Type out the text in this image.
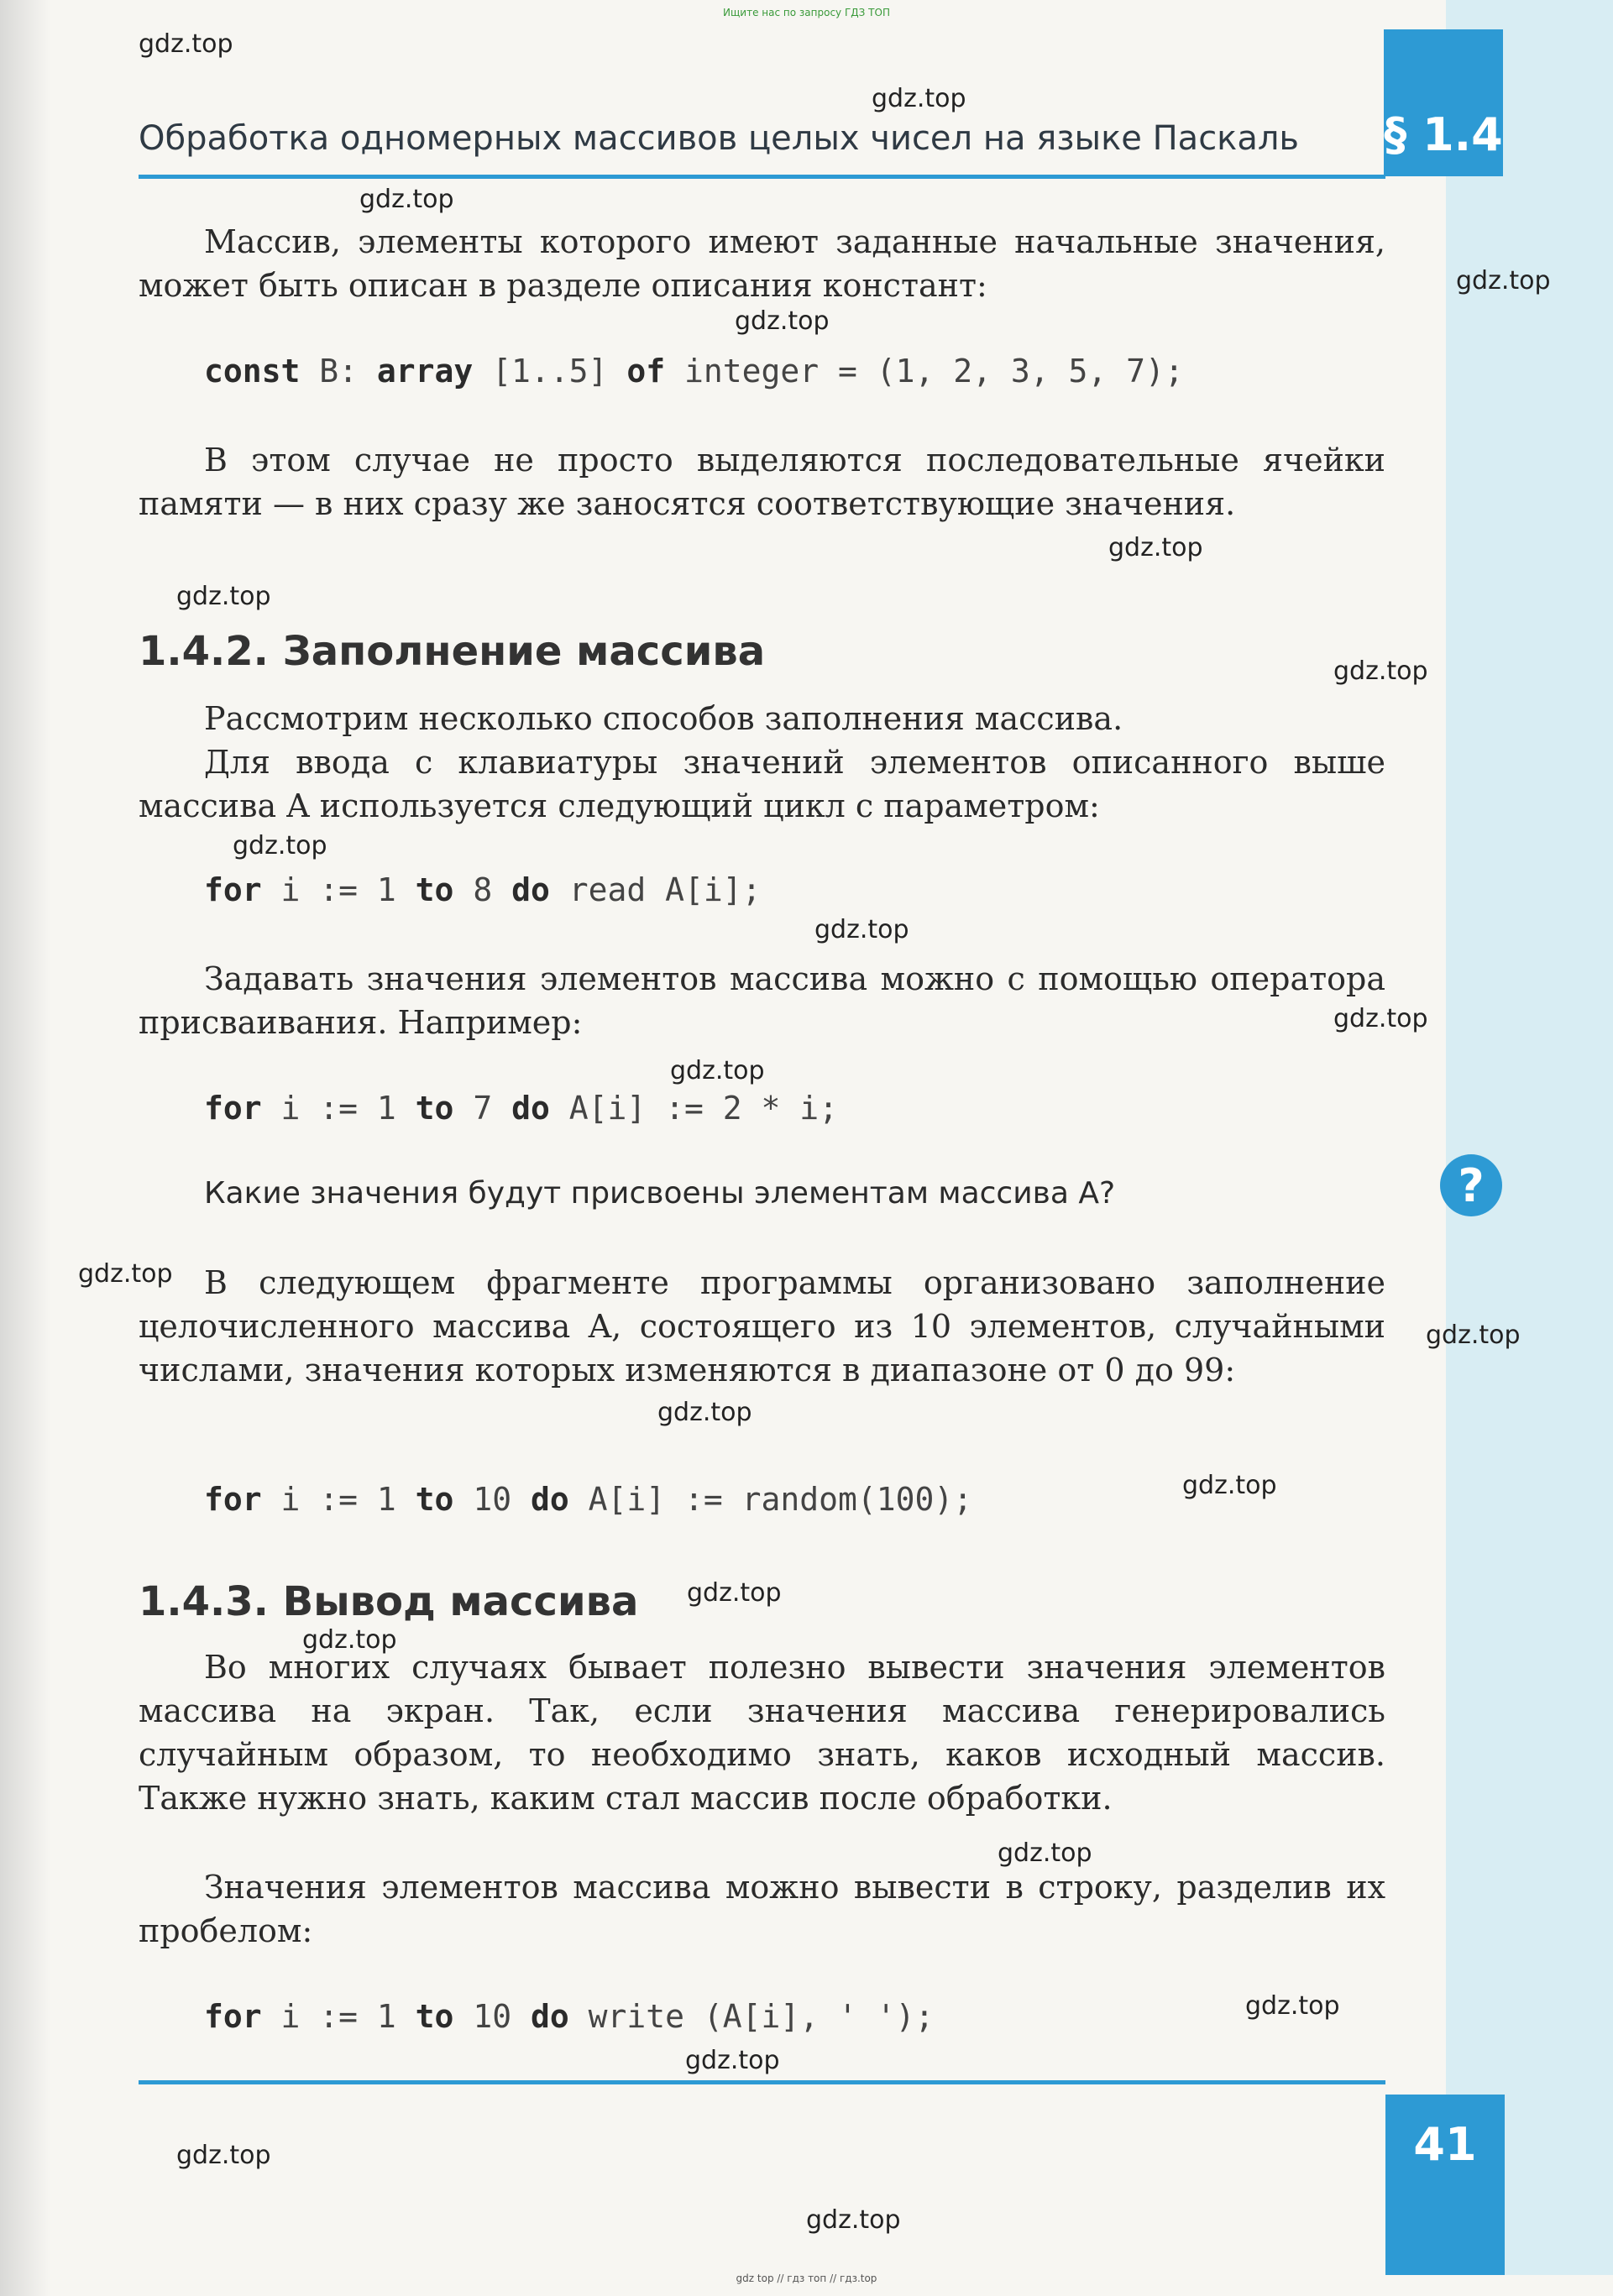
Ищите нас по запросу ГДЗ ТОП
§ 1.4
Обработка одномерных массивов целых чисел на языке Паскаль

Массив, элементы которого имеют заданные начальные значения, может быть описан в разделе описания констант:

const B: array [1..5] of integer = (1, 2, 3, 5, 7);

В этом случае не просто выделяются последовательные ячейки памяти — в них сразу же заносятся соответствующие значения.

1.4.2. Заполнение массива

Рассмотрим несколько способов заполнения массива.

Для ввода с клавиатуры значений элементов описанного выше массива A используется следующий цикл с параметром:

for i := 1 to 8 do read A[i];

Задавать значения элементов массива можно с помощью оператора присваивания. Например:

for i := 1 to 7 do A[i] := 2 * i;

Какие значения будут присвоены элементам массива A?	?

В следующем фрагменте программы организовано заполнение целочисленного массива A, состоящего из 10 элементов, случайными числами, значения которых изменяются в диапазоне от 0 до 99:

for i := 1 to 10 do A[i] := random(100);
1.4.3. Вывод массива

Во многих случаях бывает полезно вывести значения элементов массива на экран. Так, если значения массива генерировались случайным образом, то необходимо знать, каков исходный массив. Также нужно знать, каким стал массив после обработки.

Значения элементов массива можно вывести в строку, разделив их пробелом:

for i := 1 to 10 do write (A[i], ' ');
41
gdz top // гдз топ // гдз.top
gdz.top
gdz.top
gdz.top
gdz.top
gdz.top
gdz.top
gdz.top
gdz.top
gdz.top
gdz.top
gdz.top
gdz.top
gdz.top
gdz.top
gdz.top
gdz.top
gdz.top
gdz.top
gdz.top
gdz.top
gdz.top
gdz.top
gdz.top
